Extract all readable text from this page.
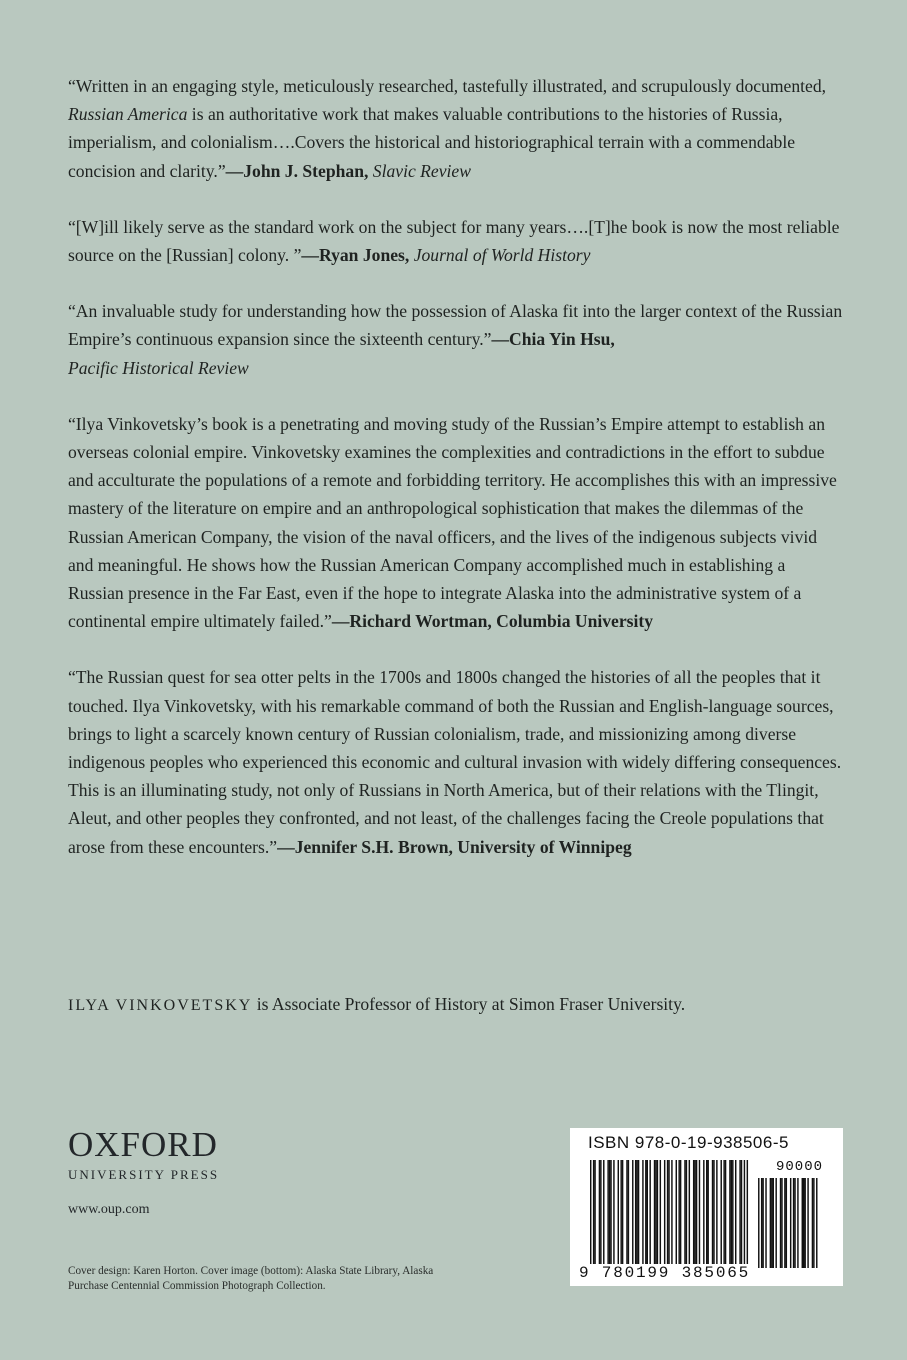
“Written in an engaging style, meticulously researched, tastefully illustrated, and scrupulously documented, Russian America is an authoritative work that makes valuable contributions to the histories of Russia, imperialism, and colonialism….Covers the historical and historiographical terrain with a commendable concision and clarity.”—John J. Stephan, Slavic Review

“[W]ill likely serve as the standard work on the subject for many years….[T]he book is now the most reliable source on the [Russian] colony. ”—Ryan Jones, Journal of World History

“An invaluable study for understanding how the possession of Alaska fit into the larger context of the Russian Empire’s continuous expansion since the sixteenth century.”—Chia Yin Hsu,
Pacific Historical Review

“Ilya Vinkovetsky’s book is a penetrating and moving study of the Russian’s Empire attempt to establish an overseas colonial empire. Vinkovetsky examines the complexities and contradictions in the effort to subdue and acculturate the populations of a remote and forbidding territory. He accomplishes this with an impressive mastery of the literature on empire and an anthropological sophistication that makes the dilemmas of the Russian American Company, the vision of the naval officers, and the lives of the indigenous subjects vivid and meaningful. He shows how the Russian American Company accomplished much in establishing a Russian presence in the Far East, even if the hope to integrate Alaska into the administrative system of a continental empire ultimately failed.”—Richard Wortman, Columbia University

“The Russian quest for sea otter pelts in the 1700s and 1800s changed the histories of all the peoples that it touched. Ilya Vinkovetsky, with his remarkable command of both the Russian and English-language sources, brings to light a scarcely known century of Russian colonialism, trade, and missionizing among diverse indigenous peoples who experienced this economic and cultural invasion with widely differing consequences. This is an illuminating study, not only of Russians in North America, but of their relations with the Tlingit, Aleut, and other peoples they confronted, and not least, of the challenges facing the Creole populations that arose from these encounters.”—Jennifer S.H. Brown, University of Winnipeg

ILYA VINKOVETSKY is Associate Professor of History at Simon Fraser University.
OXFORD
UNIVERSITY PRESS
www.oup.com
Cover design: Karen Horton. Cover image (bottom): Alaska State Library, Alaska Purchase Centennial Commission Photograph Collection.
ISBN 978-0-19-938506-5
90000
9 780199 385065
